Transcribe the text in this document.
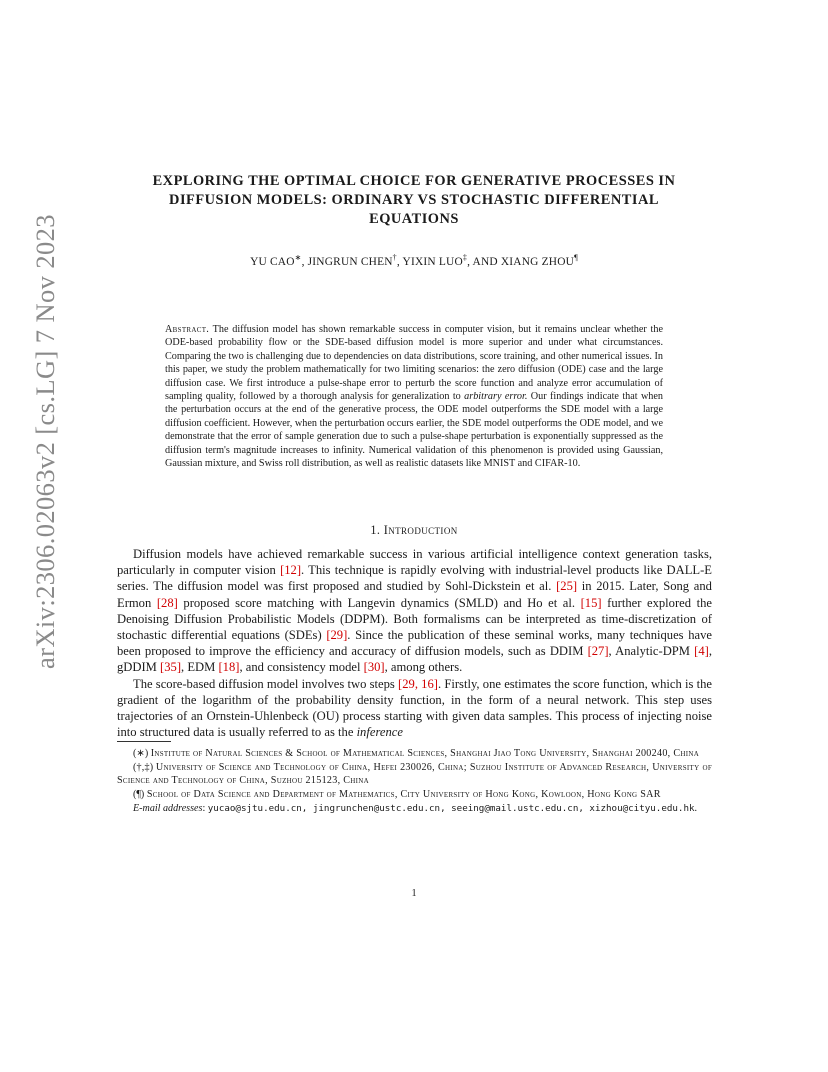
arXiv:2306.02063v2 [cs.LG] 7 Nov 2023
EXPLORING THE OPTIMAL CHOICE FOR GENERATIVE PROCESSES IN
DIFFUSION MODELS: ORDINARY VS STOCHASTIC DIFFERENTIAL
EQUATIONS
YU CAO∗, JINGRUN CHEN†, YIXIN LUO‡, AND XIANG ZHOU¶
Abstract. The diffusion model has shown remarkable success in computer vision, but it remains unclear whether the ODE-based probability flow or the SDE-based diffusion model is more superior and under what circumstances. Comparing the two is challenging due to dependencies on data distributions, score training, and other numerical issues. In this paper, we study the problem mathematically for two limiting scenarios: the zero diffusion (ODE) case and the large diffusion case. We first introduce a pulse-shape error to perturb the score function and analyze error accumulation of sampling quality, followed by a thorough analysis for generalization to arbitrary error. Our findings indicate that when the perturbation occurs at the end of the generative process, the ODE model outperforms the SDE model with a large diffusion coefficient. However, when the perturbation occurs earlier, the SDE model outperforms the ODE model, and we demonstrate that the error of sample generation due to such a pulse-shape perturbation is exponentially suppressed as the diffusion term's magnitude increases to infinity. Numerical validation of this phenomenon is provided using Gaussian, Gaussian mixture, and Swiss roll distribution, as well as realistic datasets like MNIST and CIFAR-10.
1. Introduction

Diffusion models have achieved remarkable success in various artificial intelligence context generation tasks, particularly in computer vision [12]. This technique is rapidly evolving with industrial-level products like DALL-E series. The diffusion model was first proposed and studied by Sohl-Dickstein et al. [25] in 2015. Later, Song and Ermon [28] proposed score matching with Langevin dynamics (SMLD) and Ho et al. [15] further explored the Denoising Diffusion Probabilistic Models (DDPM). Both formalisms can be interpreted as time-discretization of stochastic differential equations (SDEs) [29]. Since the publication of these seminal works, many techniques have been proposed to improve the efficiency and accuracy of diffusion models, such as DDIM [27], Analytic-DPM [4], gDDIM [35], EDM [18], and consistency model [30], among others.

The score-based diffusion model involves two steps [29, 16]. Firstly, one estimates the score function, which is the gradient of the logarithm of the probability density function, in the form of a neural network. This step uses trajectories of an Ornstein-Uhlenbeck (OU) process starting with given data samples. This process of injecting noise into structured data is usually referred to as the inference

(∗) Institute of Natural Sciences & School of Mathematical Sciences, Shanghai Jiao Tong University, Shanghai 200240, China

(†,‡) University of Science and Technology of China, Hefei 230026, China; Suzhou Institute of Advanced Research, University of Science and Technology of China, Suzhou 215123, China

(¶) School of Data Science and Department of Mathematics, City University of Hong Kong, Kowloon, Hong Kong SAR

E-mail addresses: yucao@sjtu.edu.cn, jingrunchen@ustc.edu.cn, seeing@mail.ustc.edu.cn, xizhou@cityu.edu.hk.

1
